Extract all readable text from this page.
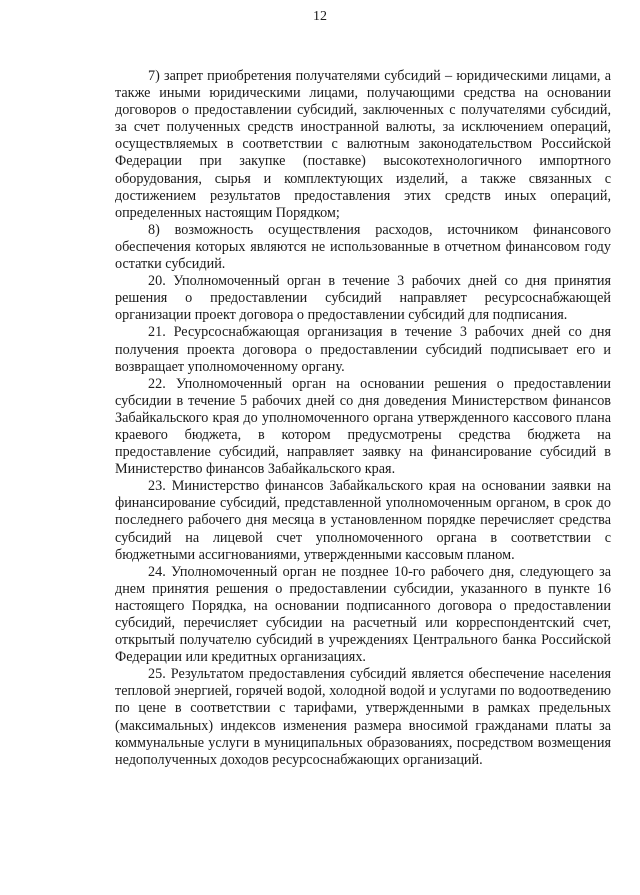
12

7) запрет приобретения получателями субсидий – юридическими лицами, а также иными юридическими лицами, получающими средства на основании договоров о предоставлении субсидий, заключенных с получателями субсидий, за счет полученных средств иностранной валюты, за исключением операций, осуществляемых в соответствии с валютным законодательством Российской Федерации при закупке (поставке) высокотехнологичного импортного оборудования, сырья и комплектующих изделий, а также связанных с достижением результатов предоставления этих средств иных операций, определенных настоящим Порядком;

8) возможность осуществления расходов, источником финансового обеспечения которых являются не использованные в отчетном финансовом году остатки субсидий.

20. Уполномоченный орган в течение 3 рабочих дней со дня принятия решения о предоставлении субсидий направляет ресурсоснабжающей организации проект договора о предоставлении субсидий для подписания.

21. Ресурсоснабжающая организация в течение 3 рабочих дней со дня получения проекта договора о предоставлении субсидий подписывает его и возвращает уполномоченному органу.

22. Уполномоченный орган на основании решения о предоставлении субсидии в течение 5 рабочих дней со дня доведения Министерством финансов Забайкальского края до уполномоченного органа утвержденного кассового плана краевого бюджета, в котором предусмотрены средства бюджета на предоставление субсидий, направляет заявку на финансирование субсидий в Министерство финансов Забайкальского края.

23. Министерство финансов Забайкальского края на основании заявки на финансирование субсидий, представленной уполномоченным органом, в срок до последнего рабочего дня месяца в установленном порядке перечисляет средства субсидий на лицевой счет уполномоченного органа в соответствии с бюджетными ассигнованиями, утвержденными кассовым планом.

24. Уполномоченный орган не позднее 10-го рабочего дня, следующего за днем принятия решения о предоставлении субсидии, указанного в пункте 16 настоящего Порядка, на основании подписанного договора о предоставлении субсидий, перечисляет субсидии на расчетный или корреспондентский счет, открытый получателю субсидий в учреждениях Центрального банка Российской Федерации или кредитных организациях.

25. Результатом предоставления субсидий является обеспечение населения тепловой энергией, горячей водой, холодной водой и услугами по водоотведению по цене в соответствии с тарифами, утвержденными в рамках предельных (максимальных) индексов изменения размера вносимой гражданами платы за коммунальные услуги в муниципальных образованиях, посредством возмещения недополученных доходов ресурсоснабжающих организаций.
